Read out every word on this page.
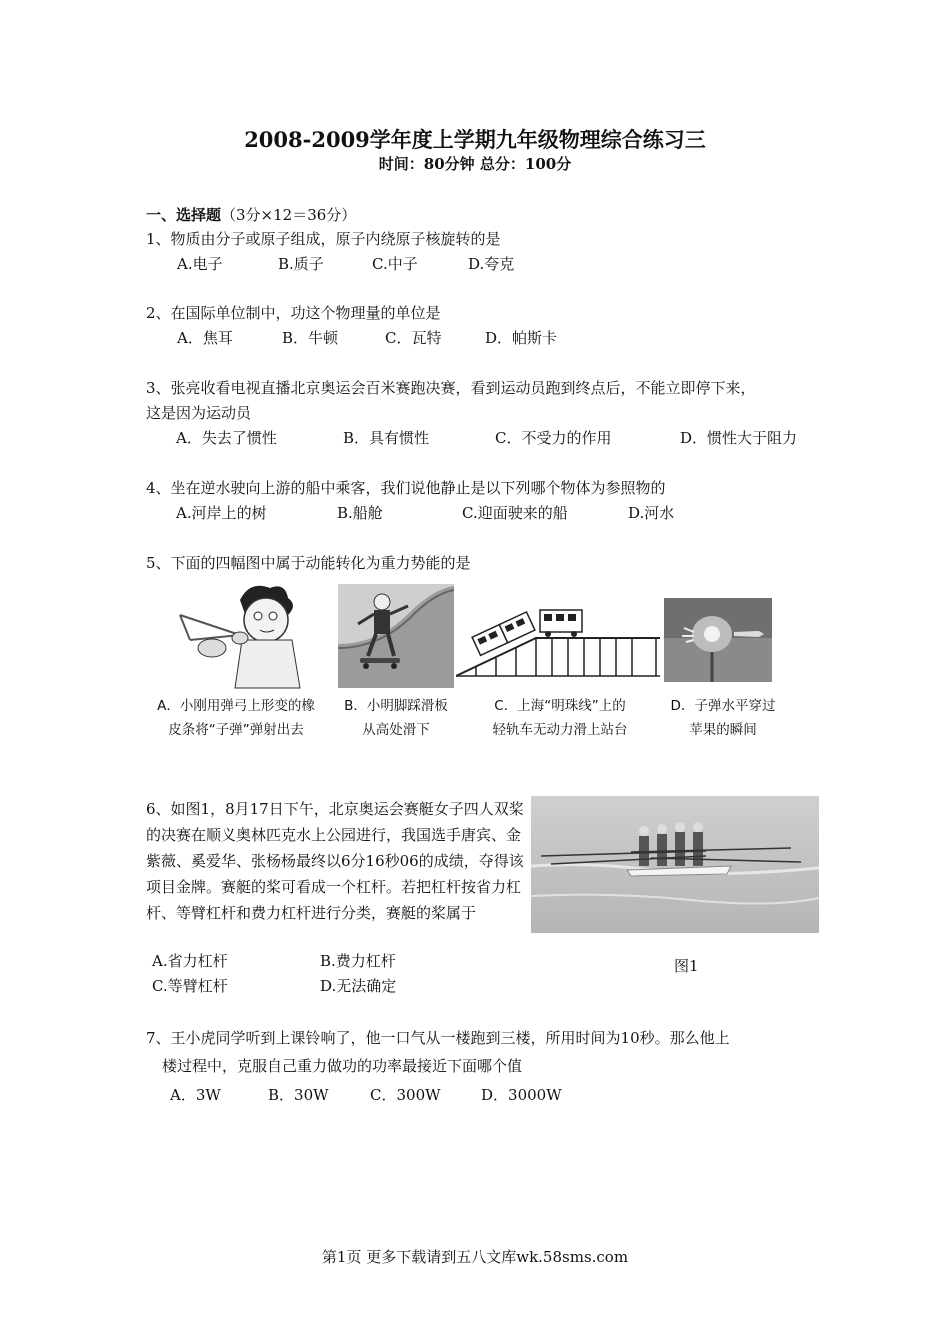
2008-2009学年度上学期九年级物理综合练习三
时间：80分钟 总分：100分
一、选择题（3分×12＝36分）
1、物质由分子或原子组成，原子内绕原子核旋转的是
A.电子	B.质子	C.中子	D.夸克
2、在国际单位制中，功这个物理量的单位是
A．焦耳	B．牛顿	C．瓦特	D．帕斯卡
3、张亮收看电视直播北京奥运会百米赛跑决赛，看到运动员跑到终点后，不能立即停下来，
这是因为运动员
A．失去了惯性	B．具有惯性	C．不受力的作用	D．惯性大于阻力
4、坐在逆水驶向上游的船中乘客，我们说他静止是以下列哪个物体为参照物的
A.河岸上的树	B.船舱	C.迎面驶来的船	D.河水
5、下面的四幅图中属于动能转化为重力势能的是
A．小刚用弹弓上形变的橡
皮条将“子弹”弹射出去
B．小明脚踩滑板
从高处滑下
C．上海“明珠线”上的
轻轨车无动力滑上站台
D．子弹水平穿过
苹果的瞬间
6、如图1，8月17日下午，北京奥运会赛艇女子四人双桨的决赛在顺义奥林匹克水上公园进行，我国选手唐宾、金紫薇、奚爱华、张杨杨最终以6分16秒06的成绩，夺得该项目金牌。赛艇的桨可看成一个杠杆。若把杠杆按省力杠杆、等臂杠杆和费力杠杆进行分类，赛艇的桨属于
图1
A.省力杠杆	B.费力杠杆
C.等臂杠杆	D.无法确定
7、王小虎同学听到上课铃响了，他一口气从一楼跑到三楼，所用时间为10秒。那么他上
楼过程中，克服自己重力做功的功率最接近下面哪个值
A．3W	B．30W	C．300W	D．3000W
第1页 更多下载请到五八文库wk.58sms.com
